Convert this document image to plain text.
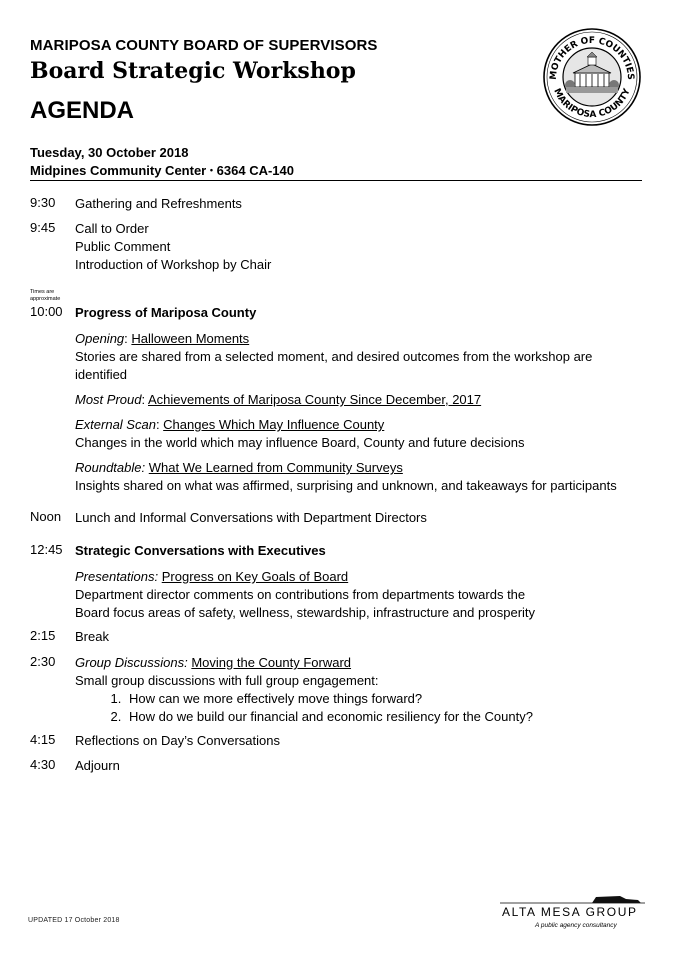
MARIPOSA COUNTY BOARD OF SUPERVISORS
Board Strategic Workshop
AGENDA
Tuesday, 30 October 2018
Midpines Community Center • 6364 CA-140
MOTHER OF COUNTIES
MARIPOSA COUNTY
9:30 Gathering and Refreshments
9:45 Call to Order
Public Comment
Introduction of Workshop by Chair
Times are
approximate
10:00 Progress of Mariposa County
Opening: Halloween Moments
Stories are shared from a selected moment, and desired outcomes from the workshop are
identified
Most Proud: Achievements of Mariposa County Since December, 2017
External Scan: Changes Which May Influence County
Changes in the world which may influence Board, County and future decisions
Roundtable: What We Learned from Community Surveys
Insights shared on what was affirmed, surprising and unknown, and takeaways for participants
Noon Lunch and Informal Conversations with Department Directors
12:45 Strategic Conversations with Executives
Presentations: Progress on Key Goals of Board
Department director comments on contributions from departments towards the
Board focus areas of safety, wellness, stewardship, infrastructure and prosperity
2:15 Break
2:30 Group Discussions: Moving the County Forward
Small group discussions with full group engagement:
1. How can we more effectively move things forward?
2. How do we build our financial and economic resiliency for the County?
4:15 Reflections on Day’s Conversations
4:30 Adjourn
UPDATED 17 October 2018
ALTA MESA GROUP
A public agency consultancy
